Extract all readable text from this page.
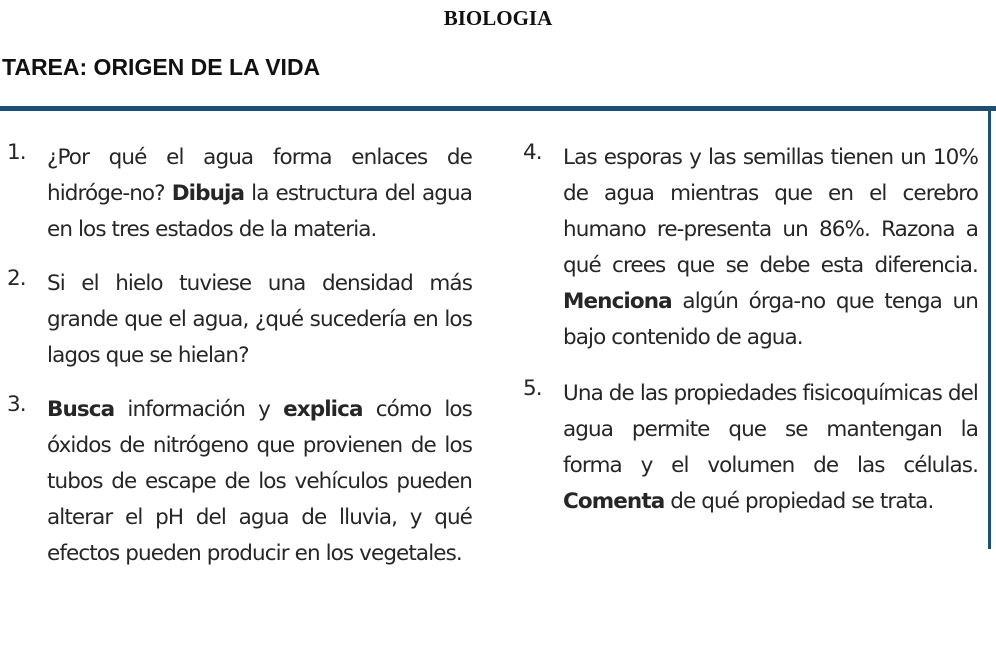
BIOLOGIA
TAREA: ORIGEN DE LA VIDA
1. ¿Por qué el agua forma enlaces de hidróge-no? Dibuja la estructura del agua en los tres estados de la materia.
2. Si el hielo tuviese una densidad más grande que el agua, ¿qué sucedería en los lagos que se hielan?
3. Busca información y explica cómo los óxidos de nitrógeno que provienen de los tubos de escape de los vehículos pueden alterar el pH del agua de lluvia, y qué efectos pueden producir en los vegetales.
4. Las esporas y las semillas tienen un 10% de agua mientras que en el cerebro humano re-presenta un 86%. Razona a qué crees que se debe esta diferencia. Menciona algún órga-no que tenga un bajo contenido de agua.
5. Una de las propiedades fisicoquímicas del agua permite que se mantengan la forma y el volumen de las células. Comenta de qué propiedad se trata.
